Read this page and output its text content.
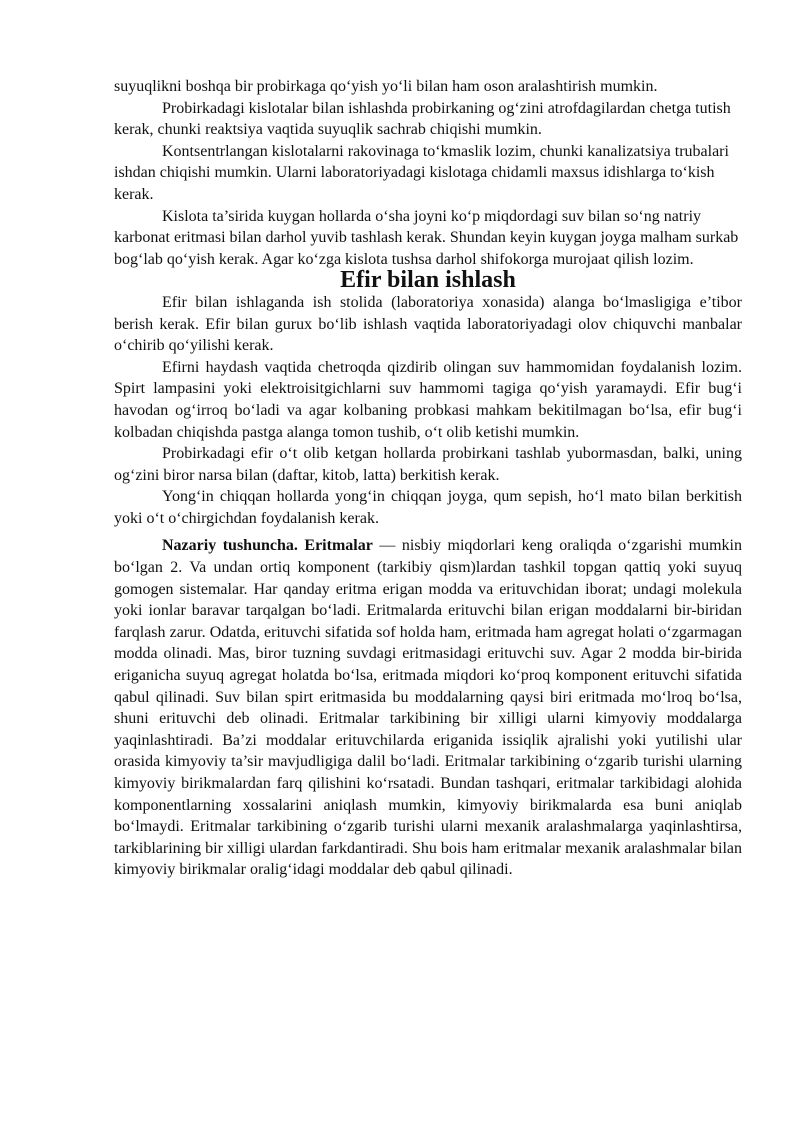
suyuqlikni boshqa bir probirkaga qo‘yish yo‘li bilan ham oson aralashtirish mumkin.

Probirkadagi kislotalar bilan ishlashda probirkaning og‘zini atrofdagilardan chetga tutish kerak, chunki reaktsiya vaqtida suyuqlik sachrab chiqishi mumkin.

Kontsentrlangan kislotalarni rakovinaga to‘kmaslik lozim, chunki kanalizatsiya trubalari ishdan chiqishi mumkin. Ularni laboratoriyadagi kislotaga chidamli maxsus idishlarga to‘kish kerak.

Kislota ta’sirida kuygan hollarda o‘sha joyni ko‘p miqdordagi suv bilan so‘ng natriy karbonat eritmasi bilan darhol yuvib tashlash kerak. Shundan keyin kuygan joyga malham surkab bog‘lab qo‘yish kerak. Agar ko‘zga kislota tushsa darhol shifokorga murojaat qilish lozim.

Efir bilan ishlash

Efir bilan ishlaganda ish stolida (laboratoriya xonasida) alanga bo‘lmasligiga e’tibor berish kerak. Efir bilan gurux bo‘lib ishlash vaqtida laboratoriyadagi olov chiquvchi manbalar o‘chirib qo‘yilishi kerak.

Efirni haydash vaqtida chetroqda qizdirib olingan suv hammomidan foydalanish lozim. Spirt lampasini yoki elektroisitgichlarni suv hammomi tagiga qo‘yish yaramaydi. Efir bug‘i havodan og‘irroq bo‘ladi va agar kolbaning probkasi mahkam bekitilmagan bo‘lsa, efir bug‘i kolbadan chiqishda pastga alanga tomon tushib, o‘t olib ketishi mumkin.

Probirkadagi efir o‘t olib ketgan hollarda probirkani tashlab yubormasdan, balki, uning og‘zini biror narsa bilan (daftar, kitob, latta) berkitish kerak.

Yong‘in chiqqan hollarda yong‘in chiqqan joyga, qum sepish, ho‘l mato bilan berkitish yoki o‘t o‘chirgichdan foydalanish kerak.

Nazariy tushuncha. Eritmalar — nisbiy miqdorlari keng oraliqda o‘zgarishi mumkin bo‘lgan 2. Va undan ortiq komponent (tarkibiy qism)lardan tashkil topgan qattiq yoki suyuq gomogen sistemalar. Har qanday eritma erigan modda va erituvchidan iborat; undagi molekula yoki ionlar baravar tarqalgan bo‘ladi. Eritmalarda erituvchi bilan erigan moddalarni bir-biridan farqlash zarur. Odatda, erituvchi sifatida sof holda ham, eritmada ham agregat holati o‘zgarmagan modda olinadi. Mas, biror tuzning suvdagi eritmasidagi erituvchi suv. Agar 2 modda bir-birida eriganicha suyuq agregat holatda bo‘lsa, eritmada miqdori ko‘proq komponent erituvchi sifatida qabul qilinadi. Suv bilan spirt eritmasida bu moddalarning qaysi biri eritmada mo‘lroq bo‘lsa, shuni erituvchi deb olinadi. Eritmalar tarkibining bir xilligi ularni kimyoviy moddalarga yaqinlashtiradi. Ba’zi moddalar erituvchilarda eriganida issiqlik ajralishi yoki yutilishi ular orasida kimyoviy ta’sir mavjudligiga dalil bo‘ladi. Eritmalar tarkibining o‘zgarib turishi ularning kimyoviy birikmalardan farq qilishini ko‘rsatadi. Bundan tashqari, eritmalar tarkibidagi alohida komponentlarning xossalarini aniqlash mumkin, kimyoviy birikmalarda esa buni aniqlab bo‘lmaydi. Eritmalar tarkibining o‘zgarib turishi ularni mexanik aralashmalarga yaqinlashtirsa, tarkiblarining bir xilligi ulardan farkdantiradi. Shu bois ham eritmalar mexanik aralashmalar bilan kimyoviy birikmalar oralig‘idagi moddalar deb qabul qilinadi.
